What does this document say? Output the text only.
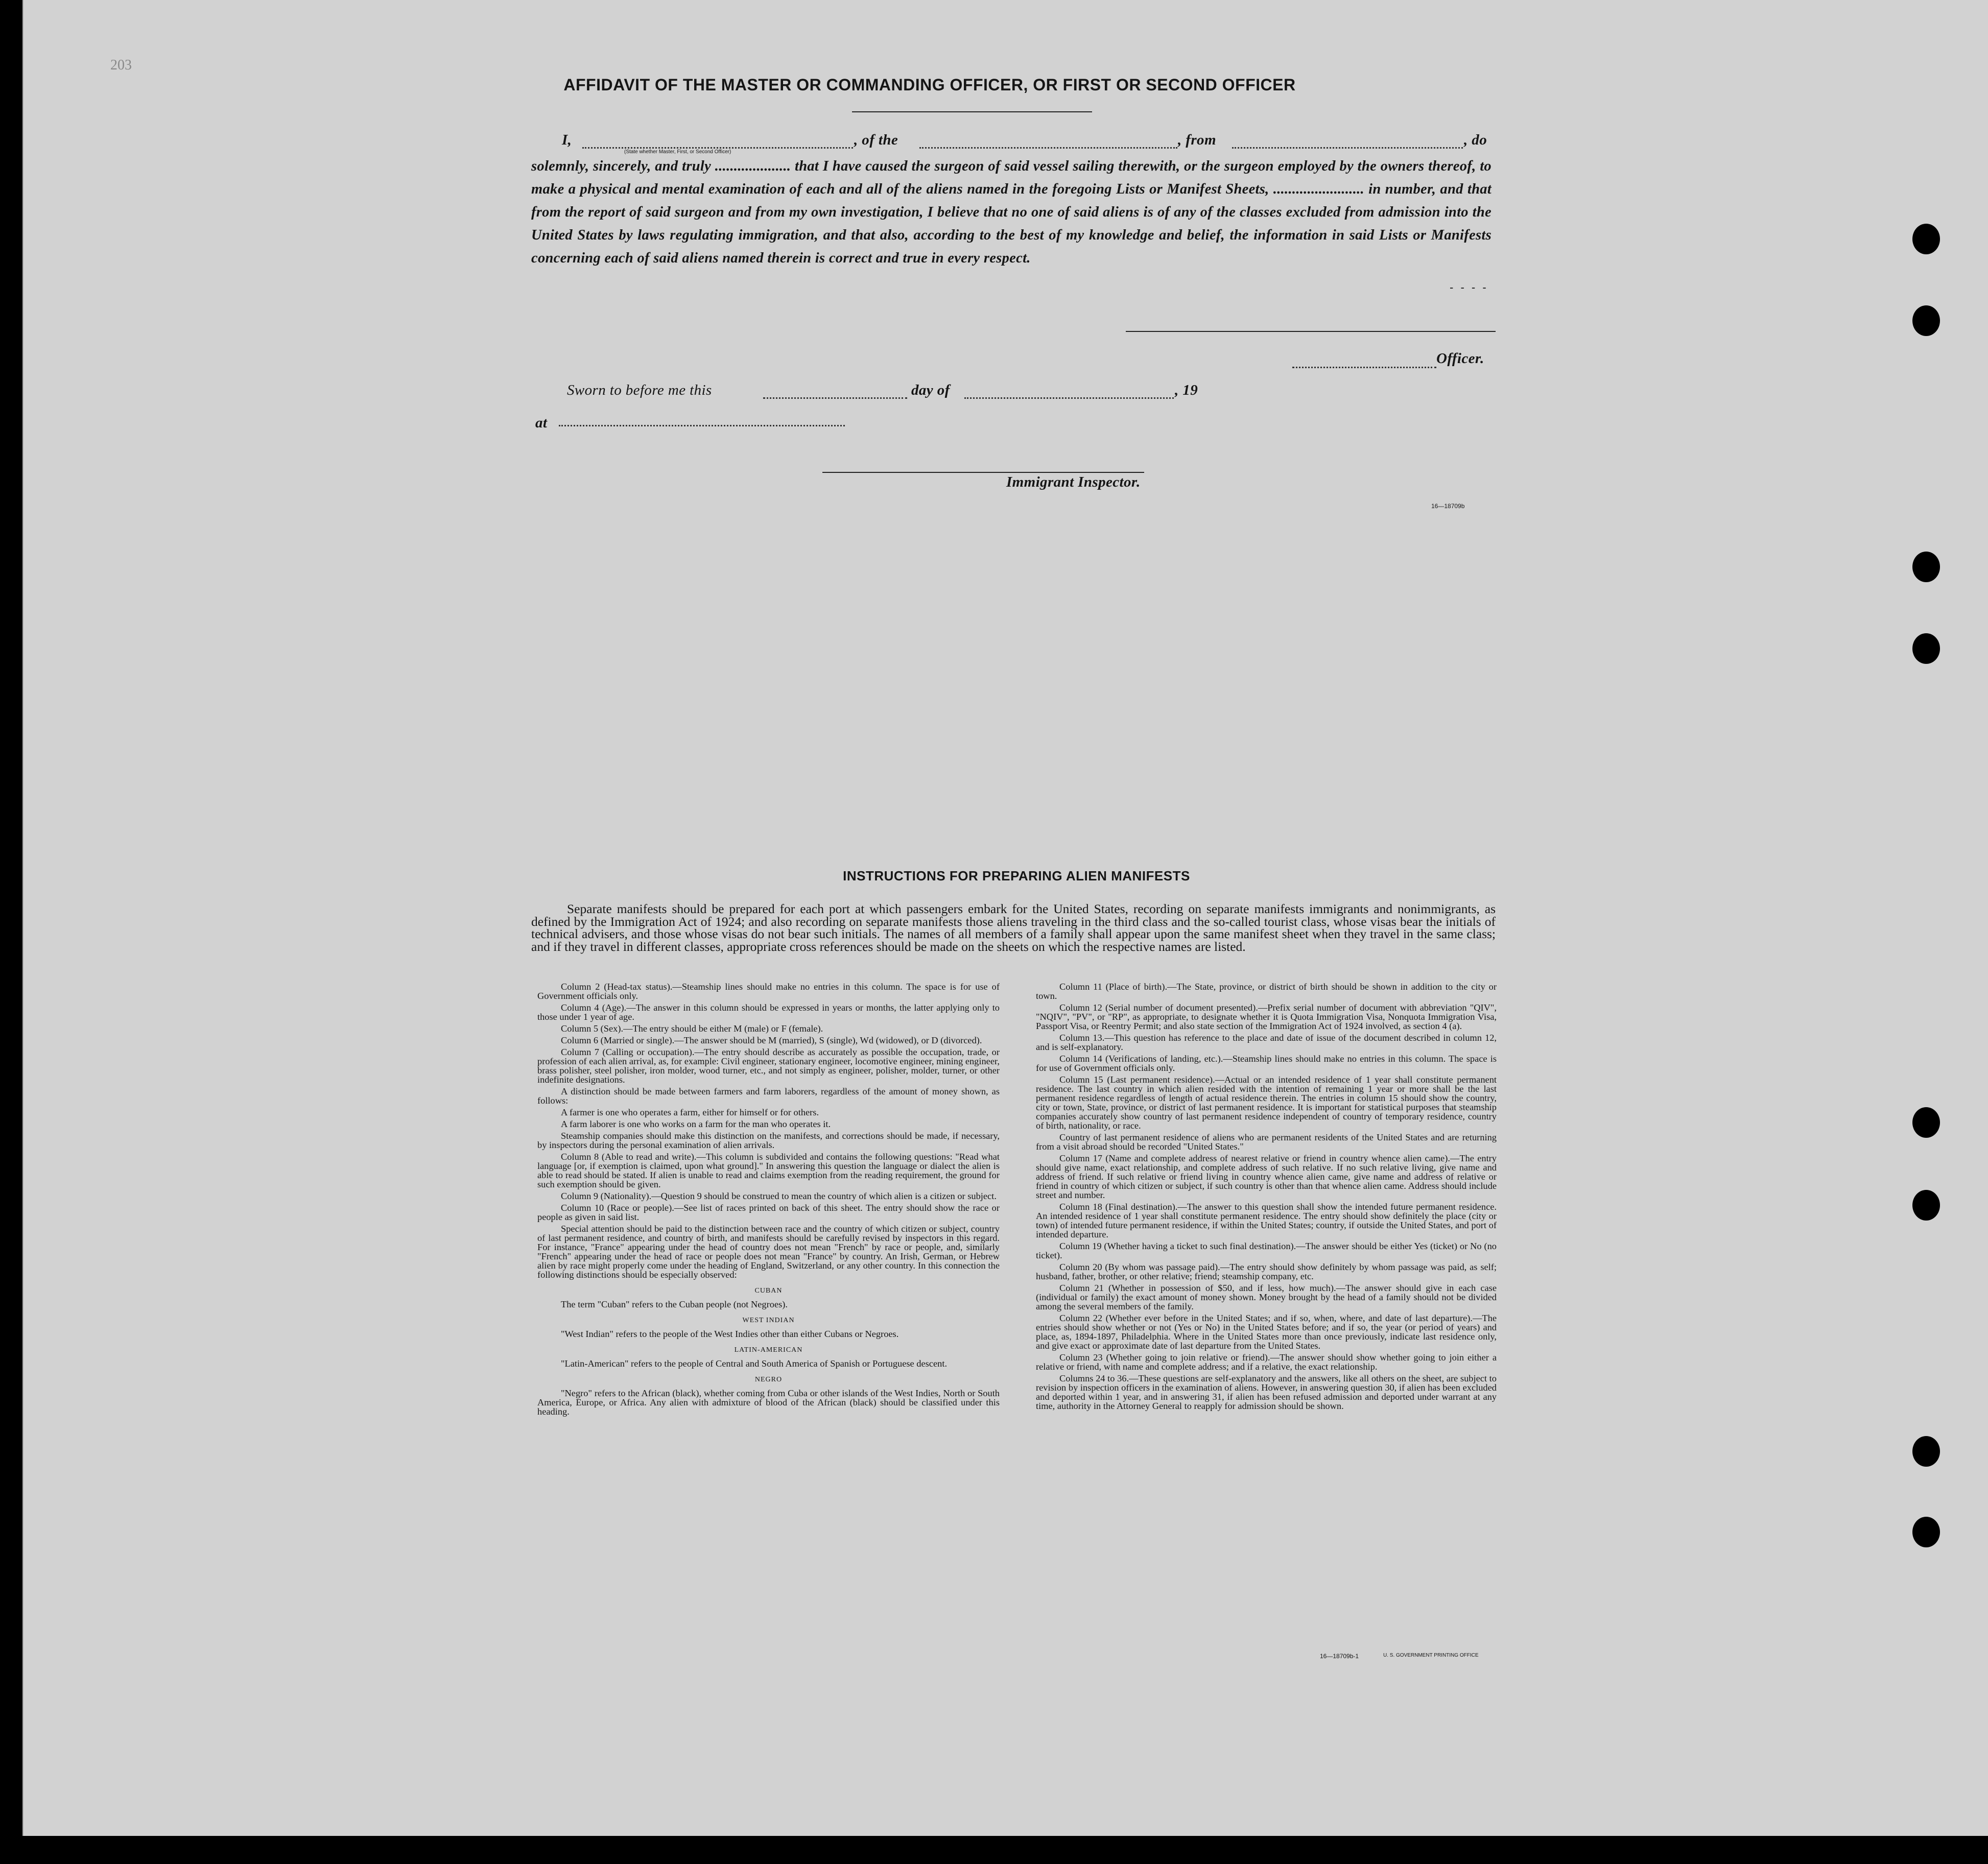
203
AFFIDAVIT OF THE MASTER OR COMMANDING OFFICER, OR FIRST OR SECOND OFFICER
I,
(State whether Master, First, or Second Officer)
, of the	, from	, do
solemnly, sincerely, and truly .................... that I have caused the surgeon of said vessel sailing therewith, or the surgeon employed by the owners thereof, to make a physical and mental examination of each and all of the aliens named in the foregoing Lists or Manifest Sheets, ........................ in number, and that from the report of said surgeon and from my own investigation, I believe that no one of said aliens is of any of the classes excluded from admission into the United States by laws regulating immigration, and that also, according to the best of my knowledge and belief, the information in said Lists or Manifests concerning each of said aliens named therein is correct and true in every respect.
- - - -
Officer.
Sworn to before me this	day of	, 19
at
Immigrant Inspector.
16—18709b
INSTRUCTIONS FOR PREPARING ALIEN MANIFESTS
Separate manifests should be prepared for each port at which passengers embark for the United States, recording on separate manifests immigrants and nonimmigrants, as defined by the Immigration Act of 1924; and also recording on separate manifests those aliens traveling in the third class and the so-called tourist class, whose visas bear the initials of technical advisers, and those whose visas do not bear such initials. The names of all members of a family shall appear upon the same manifest sheet when they travel in the same class; and if they travel in different classes, appropriate cross references should be made on the sheets on which the respective names are listed.

Column 2 (Head-tax status).—Steamship lines should make no entries in this column. The space is for use of Government officials only.

Column 4 (Age).—The answer in this column should be expressed in years or months, the latter applying only to those under 1 year of age.

Column 5 (Sex).—The entry should be either M (male) or F (female).

Column 6 (Married or single).—The answer should be M (married), S (single), Wd (widowed), or D (divorced).

Column 7 (Calling or occupation).—The entry should describe as accurately as possible the occupation, trade, or profession of each alien arrival, as, for example: Civil engineer, stationary engineer, locomotive engineer, mining engineer, brass polisher, steel polisher, iron molder, wood turner, etc., and not simply as engineer, polisher, molder, turner, or other indefinite designations.

A distinction should be made between farmers and farm laborers, regardless of the amount of money shown, as follows:

A farmer is one who operates a farm, either for himself or for others.

A farm laborer is one who works on a farm for the man who operates it.

Steamship companies should make this distinction on the manifests, and corrections should be made, if necessary, by inspectors during the personal examination of alien arrivals.

Column 8 (Able to read and write).—This column is subdivided and contains the following questions: "Read what language [or, if exemption is claimed, upon what ground]." In answering this question the language or dialect the alien is able to read should be stated. If alien is unable to read and claims exemption from the reading requirement, the ground for such exemption should be given.

Column 9 (Nationality).—Question 9 should be construed to mean the country of which alien is a citizen or subject.

Column 10 (Race or people).—See list of races printed on back of this sheet. The entry should show the race or people as given in said list.

Special attention should be paid to the distinction between race and the country of which citizen or subject, country of last permanent residence, and country of birth, and manifests should be carefully revised by inspectors in this regard. For instance, "France" appearing under the head of country does not mean "French" by race or people, and, similarly "French" appearing under the head of race or people does not mean "France" by country. An Irish, German, or Hebrew alien by race might properly come under the heading of England, Switzerland, or any other country. In this connection the following distinctions should be especially observed:

CUBAN

The term "Cuban" refers to the Cuban people (not Negroes).

WEST INDIAN

"West Indian" refers to the people of the West Indies other than either Cubans or Negroes.

LATIN-AMERICAN

"Latin-American" refers to the people of Central and South America of Spanish or Portuguese descent.

NEGRO

"Negro" refers to the African (black), whether coming from Cuba or other islands of the West Indies, North or South America, Europe, or Africa. Any alien with admixture of blood of the African (black) should be classified under this heading.

Column 11 (Place of birth).—The State, province, or district of birth should be shown in addition to the city or town.

Column 12 (Serial number of document presented).—Prefix serial number of document with abbreviation "QIV", "NQIV", "PV", or "RP", as appropriate, to designate whether it is Quota Immigration Visa, Nonquota Immigration Visa, Passport Visa, or Reentry Permit; and also state section of the Immigration Act of 1924 involved, as section 4 (a).

Column 13.—This question has reference to the place and date of issue of the document described in column 12, and is self-explanatory.

Column 14 (Verifications of landing, etc.).—Steamship lines should make no entries in this column. The space is for use of Government officials only.

Column 15 (Last permanent residence).—Actual or an intended residence of 1 year shall constitute permanent residence. The last country in which alien resided with the intention of remaining 1 year or more shall be the last permanent residence regardless of length of actual residence therein. The entries in column 15 should show the country, city or town, State, province, or district of last permanent residence. It is important for statistical purposes that steamship companies accurately show country of last permanent residence independent of country of temporary residence, country of birth, nationality, or race.

Country of last permanent residence of aliens who are permanent residents of the United States and are returning from a visit abroad should be recorded "United States."

Column 17 (Name and complete address of nearest relative or friend in country whence alien came).—The entry should give name, exact relationship, and complete address of such relative. If no such relative living, give name and address of friend. If such relative or friend living in country whence alien came, give name and address of relative or friend in country of which citizen or subject, if such country is other than that whence alien came. Address should include street and number.

Column 18 (Final destination).—The answer to this question shall show the intended future permanent residence. An intended residence of 1 year shall constitute permanent residence. The entry should show definitely the place (city or town) of intended future permanent residence, if within the United States; country, if outside the United States, and port of intended departure.

Column 19 (Whether having a ticket to such final destination).—The answer should be either Yes (ticket) or No (no ticket).

Column 20 (By whom was passage paid).—The entry should show definitely by whom passage was paid, as self; husband, father, brother, or other relative; friend; steamship company, etc.

Column 21 (Whether in possession of $50, and if less, how much).—The answer should give in each case (individual or family) the exact amount of money shown. Money brought by the head of a family should not be divided among the several members of the family.

Column 22 (Whether ever before in the United States; and if so, when, where, and date of last departure).—The entries should show whether or not (Yes or No) in the United States before; and if so, the year (or period of years) and place, as, 1894-1897, Philadelphia. Where in the United States more than once previously, indicate last residence only, and give exact or approximate date of last departure from the United States.

Column 23 (Whether going to join relative or friend).—The answer should show whether going to join either a relative or friend, with name and complete address; and if a relative, the exact relationship.

Columns 24 to 36.—These questions are self-explanatory and the answers, like all others on the sheet, are subject to revision by inspection officers in the examination of aliens. However, in answering question 30, if alien has been excluded and deported within 1 year, and in answering 31, if alien has been refused admission and deported under warrant at any time, authority in the Attorney General to reapply for admission should be shown.

16—18709b-1	U. S. GOVERNMENT PRINTING OFFICE
